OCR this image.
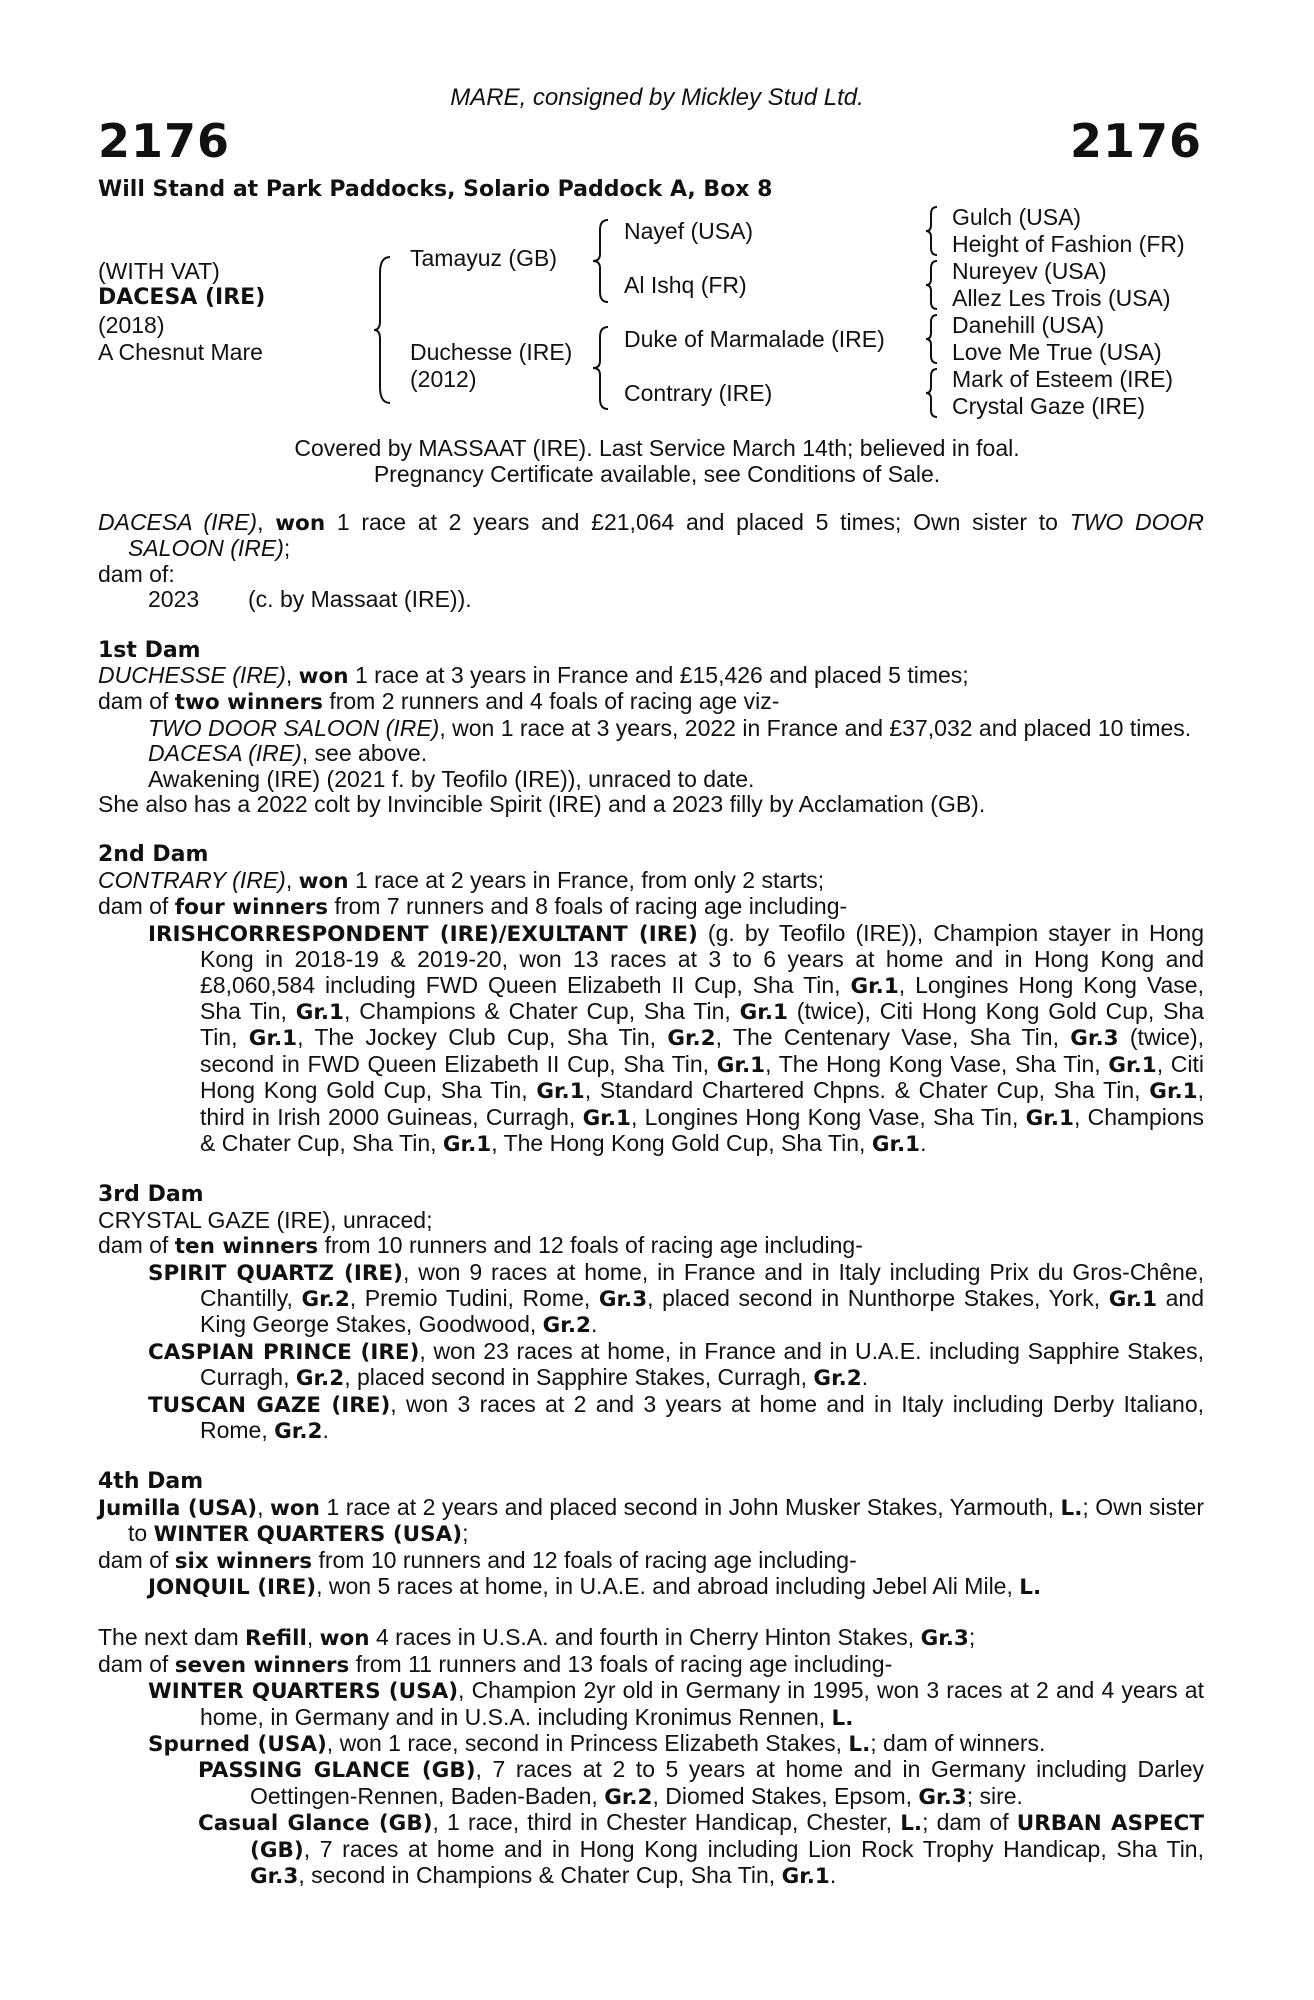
MARE, consigned by Mickley Stud Ltd.
2176	2176
Will Stand at Park Paddocks, Solario Paddock A, Box 8
(WITH VAT)
DACESA (IRE)
(2018)
A Chesnut Mare
Tamayuz (GB)
Duchesse (IRE)
(2012)
Nayef (USA)
Al Ishq (FR)
Duke of Marmalade (IRE)
Contrary (IRE)
Gulch (USA)
Height of Fashion (FR)
Nureyev (USA)
Allez Les Trois (USA)
Danehill (USA)
Love Me True (USA)
Mark of Esteem (IRE)
Crystal Gaze (IRE)
Covered by MASSAAT (IRE). Last Service March 14th; believed in foal.
Pregnancy Certificate available, see Conditions of Sale.
DACESA (IRE), won 1 race at 2 years and £21,064 and placed 5 times; Own sister to TWO DOOR SALOON (IRE);
dam of:
2023 (c. by Massaat (IRE)).
1st Dam
DUCHESSE (IRE), won 1 race at 3 years in France and £15,426 and placed 5 times;
dam of two winners from 2 runners and 4 foals of racing age viz-
TWO DOOR SALOON (IRE), won 1 race at 3 years, 2022 in France and £37,032 and placed 10 times.
DACESA (IRE), see above.
Awakening (IRE) (2021 f. by Teofilo (IRE)), unraced to date.
She also has a 2022 colt by Invincible Spirit (IRE) and a 2023 filly by Acclamation (GB).
2nd Dam
CONTRARY (IRE), won 1 race at 2 years in France, from only 2 starts;
dam of four winners from 7 runners and 8 foals of racing age including-
IRISHCORRESPONDENT (IRE)/EXULTANT (IRE) (g. by Teofilo (IRE)), Champion stayer in Hong Kong in 2018-19 & 2019-20, won 13 races at 3 to 6 years at home and in Hong Kong and £8,060,584 including FWD Queen Elizabeth II Cup, Sha Tin, Gr.1, Longines Hong Kong Vase, Sha Tin, Gr.1, Champions & Chater Cup, Sha Tin, Gr.1 (twice), Citi Hong Kong Gold Cup, Sha Tin, Gr.1, The Jockey Club Cup, Sha Tin, Gr.2, The Centenary Vase, Sha Tin, Gr.3 (twice), second in FWD Queen Elizabeth II Cup, Sha Tin, Gr.1, The Hong Kong Vase, Sha Tin, Gr.1, Citi Hong Kong Gold Cup, Sha Tin, Gr.1, Standard Chartered Chpns. & Chater Cup, Sha Tin, Gr.1, third in Irish 2000 Guineas, Curragh, Gr.1, Longines Hong Kong Vase, Sha Tin, Gr.1, Champions & Chater Cup, Sha Tin, Gr.1, The Hong Kong Gold Cup, Sha Tin, Gr.1.
3rd Dam
CRYSTAL GAZE (IRE), unraced;
dam of ten winners from 10 runners and 12 foals of racing age including-
SPIRIT QUARTZ (IRE), won 9 races at home, in France and in Italy including Prix du Gros-Chêne, Chantilly, Gr.2, Premio Tudini, Rome, Gr.3, placed second in Nunthorpe Stakes, York, Gr.1 and King George Stakes, Goodwood, Gr.2.
CASPIAN PRINCE (IRE), won 23 races at home, in France and in U.A.E. including Sapphire Stakes, Curragh, Gr.2, placed second in Sapphire Stakes, Curragh, Gr.2.
TUSCAN GAZE (IRE), won 3 races at 2 and 3 years at home and in Italy including Derby Italiano, Rome, Gr.2.
4th Dam
Jumilla (USA), won 1 race at 2 years and placed second in John Musker Stakes, Yarmouth, L.; Own sister to WINTER QUARTERS (USA);
dam of six winners from 10 runners and 12 foals of racing age including-
JONQUIL (IRE), won 5 races at home, in U.A.E. and abroad including Jebel Ali Mile, L.
The next dam Refill, won 4 races in U.S.A. and fourth in Cherry Hinton Stakes, Gr.3;
dam of seven winners from 11 runners and 13 foals of racing age including-
WINTER QUARTERS (USA), Champion 2yr old in Germany in 1995, won 3 races at 2 and 4 years at home, in Germany and in U.S.A. including Kronimus Rennen, L.
Spurned (USA), won 1 race, second in Princess Elizabeth Stakes, L.; dam of winners.
PASSING GLANCE (GB), 7 races at 2 to 5 years at home and in Germany including Darley Oettingen-Rennen, Baden-Baden, Gr.2, Diomed Stakes, Epsom, Gr.3; sire.
Casual Glance (GB), 1 race, third in Chester Handicap, Chester, L.; dam of URBAN ASPECT (GB), 7 races at home and in Hong Kong including Lion Rock Trophy Handicap, Sha Tin, Gr.3, second in Champions & Chater Cup, Sha Tin, Gr.1.
